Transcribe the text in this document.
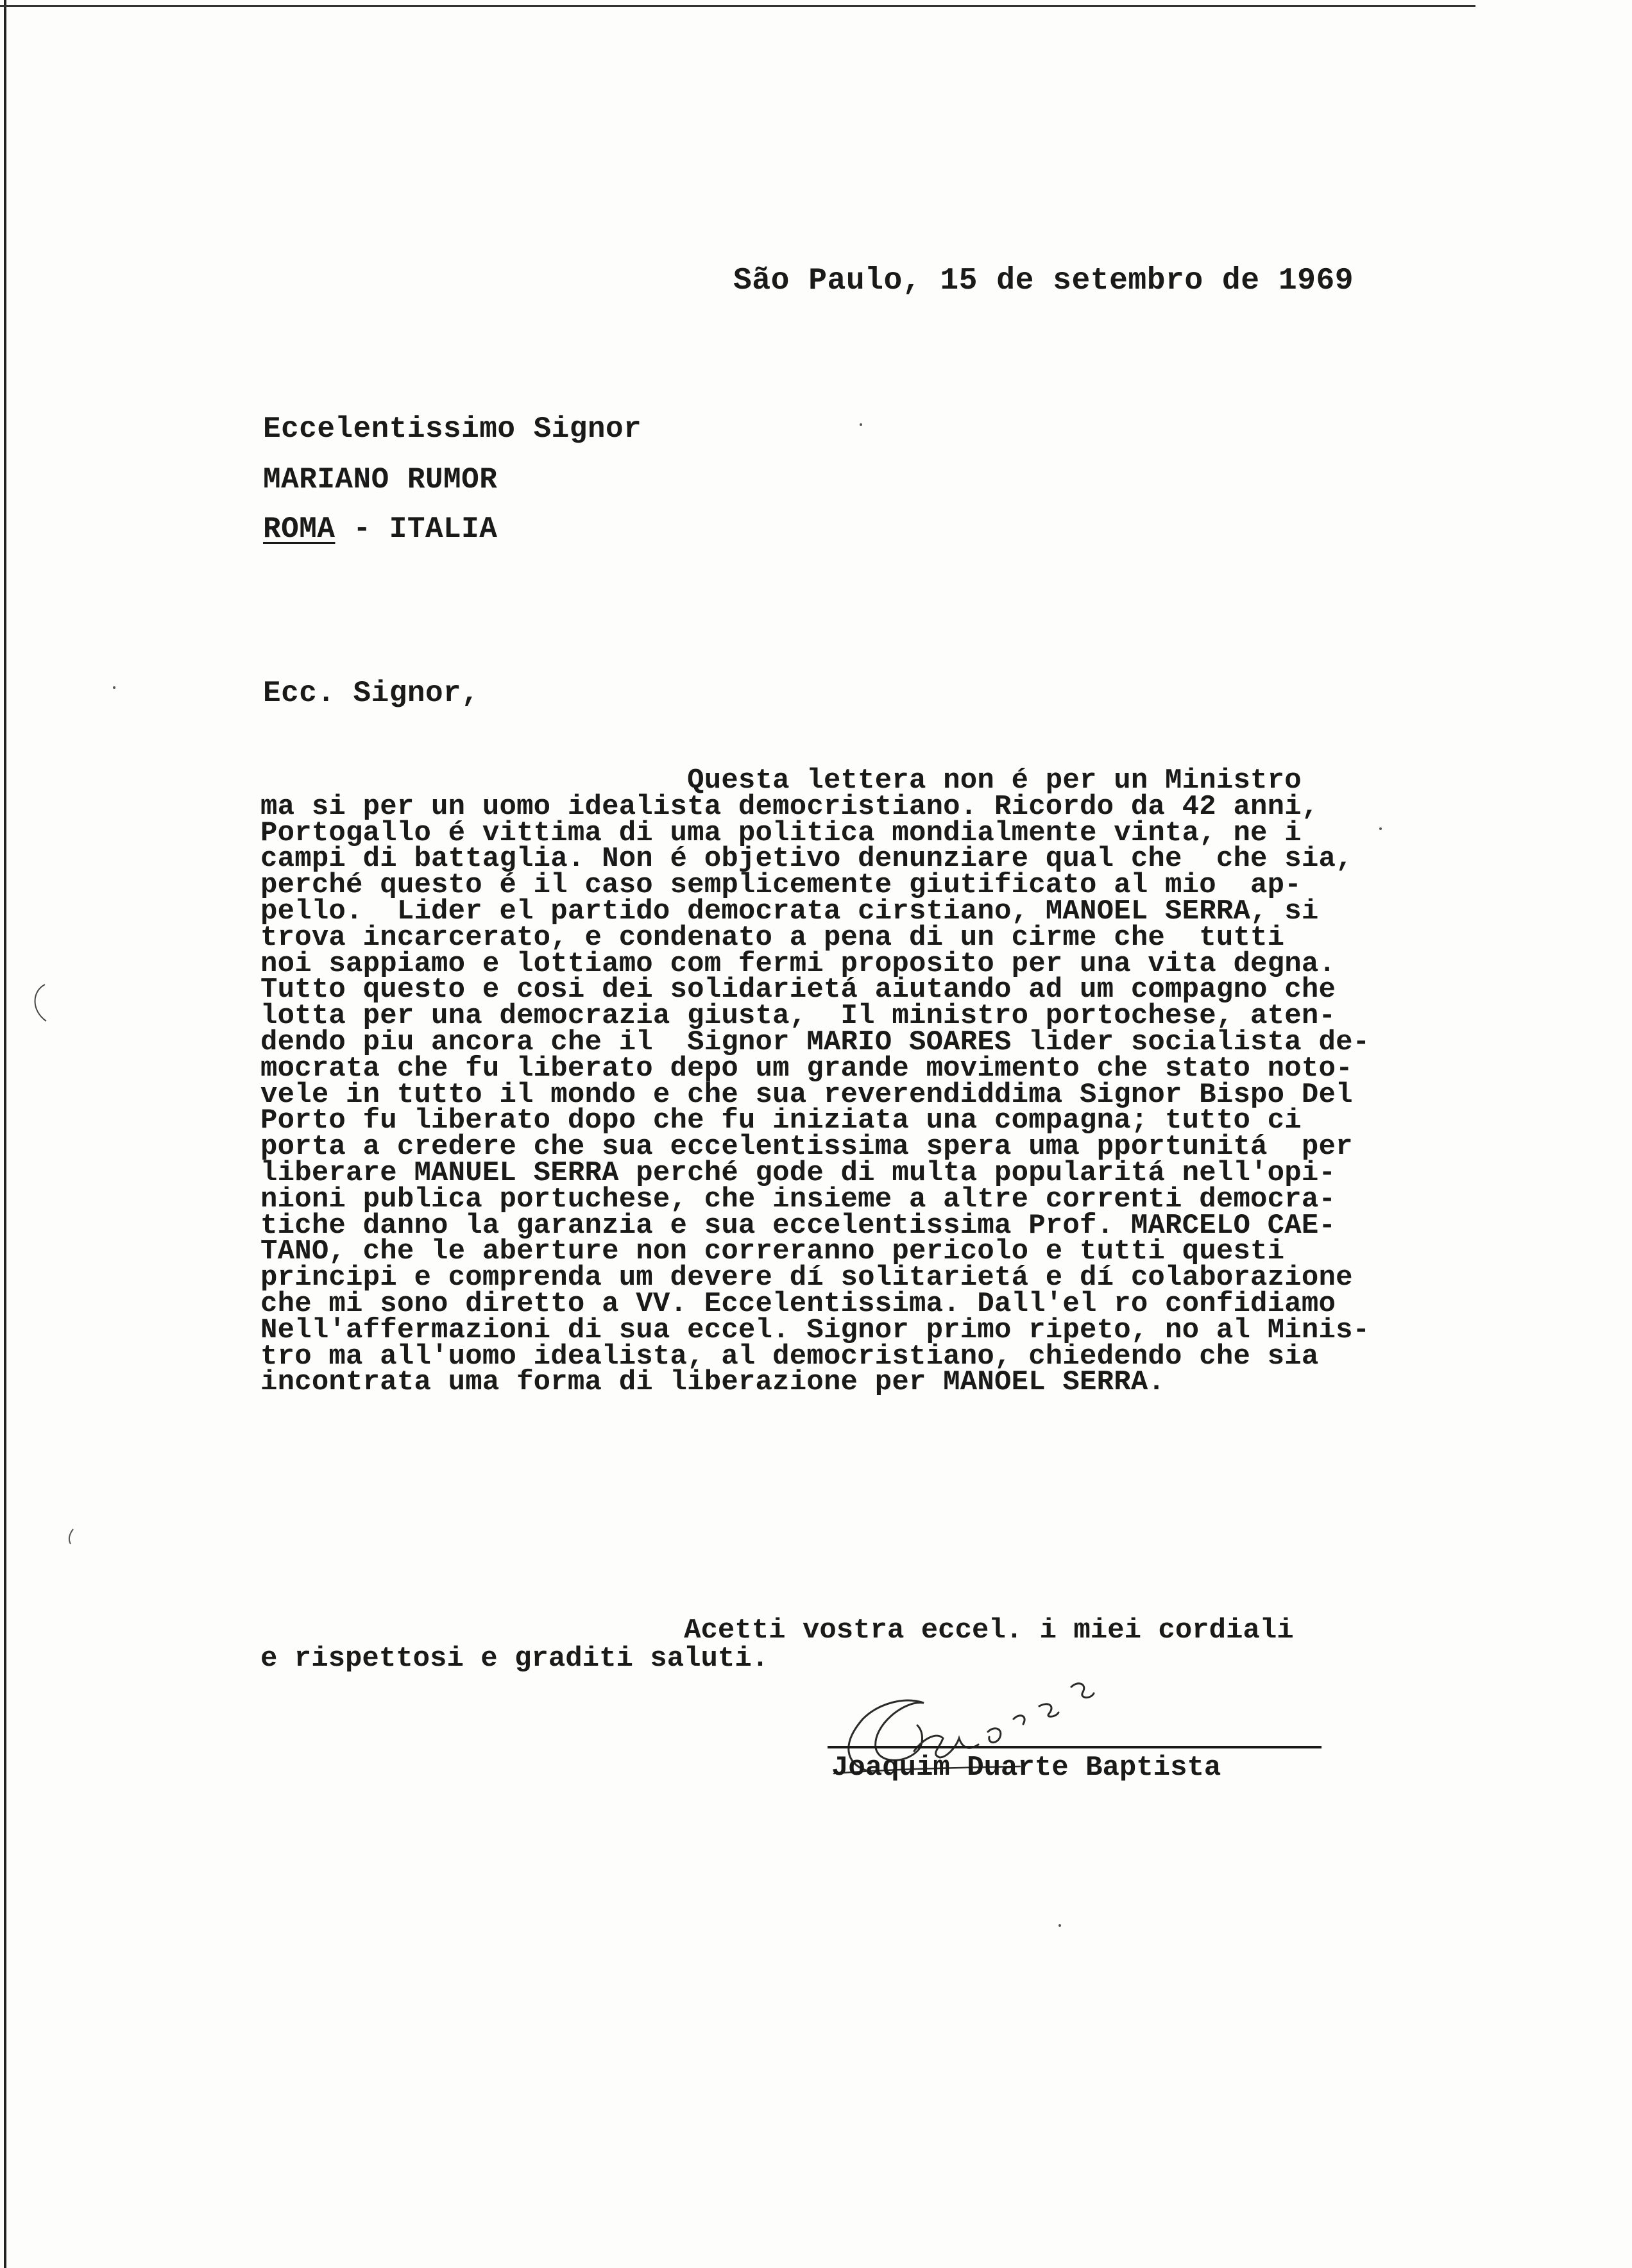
São Paulo, 15 de setembro de 1969
Eccelentissimo Signor
MARIANO RUMOR
ROMA - ITALIA
Ecc. Signor,
Questa lettera non é per un Ministro
ma si per un uomo idealista democristiano. Ricordo da 42 anni,
Portogallo é vittima di uma politica mondialmente vinta, ne i
campi di battaglia. Non é objetivo denunziare qual che  che sia,
perché questo é il caso semplicemente giutificato al mio  ap-
pello.  Lider el partido democrata cirstiano, MANOEL SERRA, si
trova incarcerato, e condenato a pena di un cirme che  tutti
noi sappiamo e lottiamo com fermi proposito per una vita degna.
Tutto questo e cosi dei solidarietá aiutando ad um compagno che
lotta per una democrazia giusta,  Il ministro portochese, aten-
dendo piu ancora che il  Signor MARIO SOARES lider socialista de-
mocrata che fu liberato depo um grande movimento che stato noto-
vele in tutto il mondo e che sua reverendiddima Signor Bispo Del
Porto fu liberato dopo che fu iniziata una compagna; tutto ci
porta a credere che sua eccelentissima spera uma pportunitá  per
liberare MANUEL SERRA perché gode di multa popularitá nell'opi-
nioni publica portuchese, che insieme a altre correnti democra-
tiche danno la garanzia e sua eccelentissima Prof. MARCELO CAE-
TANO, che le aberture non correranno pericolo e tutti questi
principi e comprenda um devere dí solitarietá e dí colaborazione
che mi sono diretto a VV. Eccelentissima. Dall'el ro confidiamo
Nell'affermazioni di sua eccel. Signor primo ripeto, no al Minis-
tro ma all'uomo idealista, al democristiano, chiedendo che sia
incontrata uma forma di liberazione per MANOEL SERRA.
Acetti vostra eccel. i miei cordiali
e rispettosi e graditi saluti.
Joaquim Duarte Baptista
